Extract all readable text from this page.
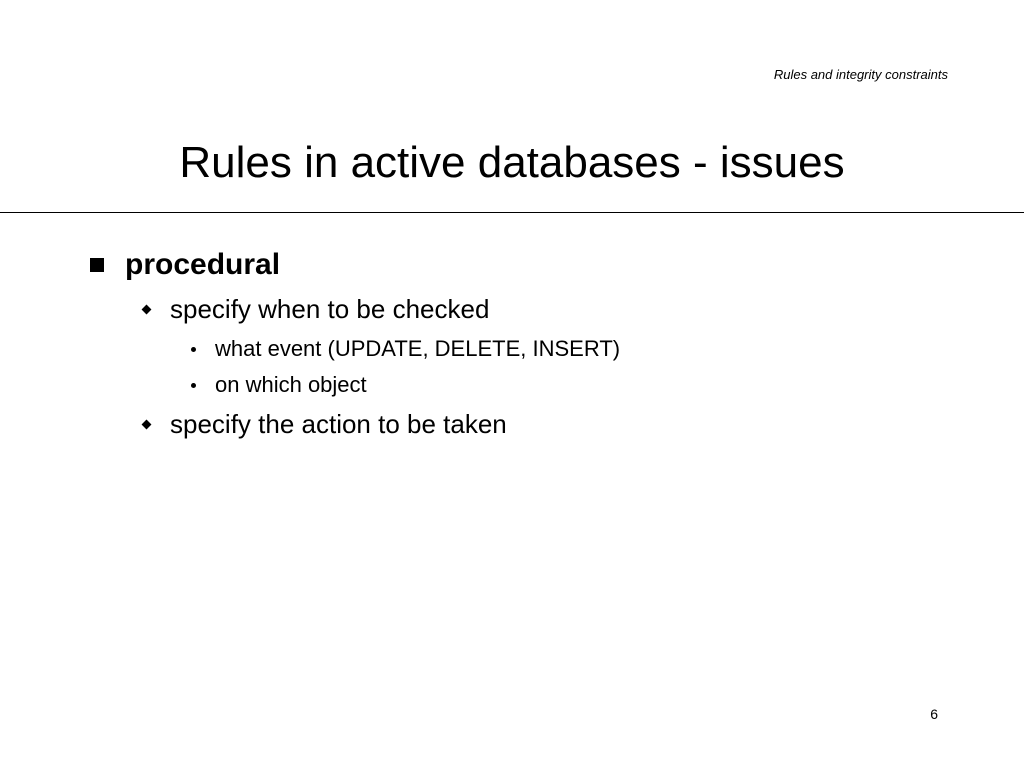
Rules and integrity constraints
Rules in active databases - issues
procedural
specify when to be checked
what event (UPDATE, DELETE, INSERT)
on which object
specify the action to be taken
6
